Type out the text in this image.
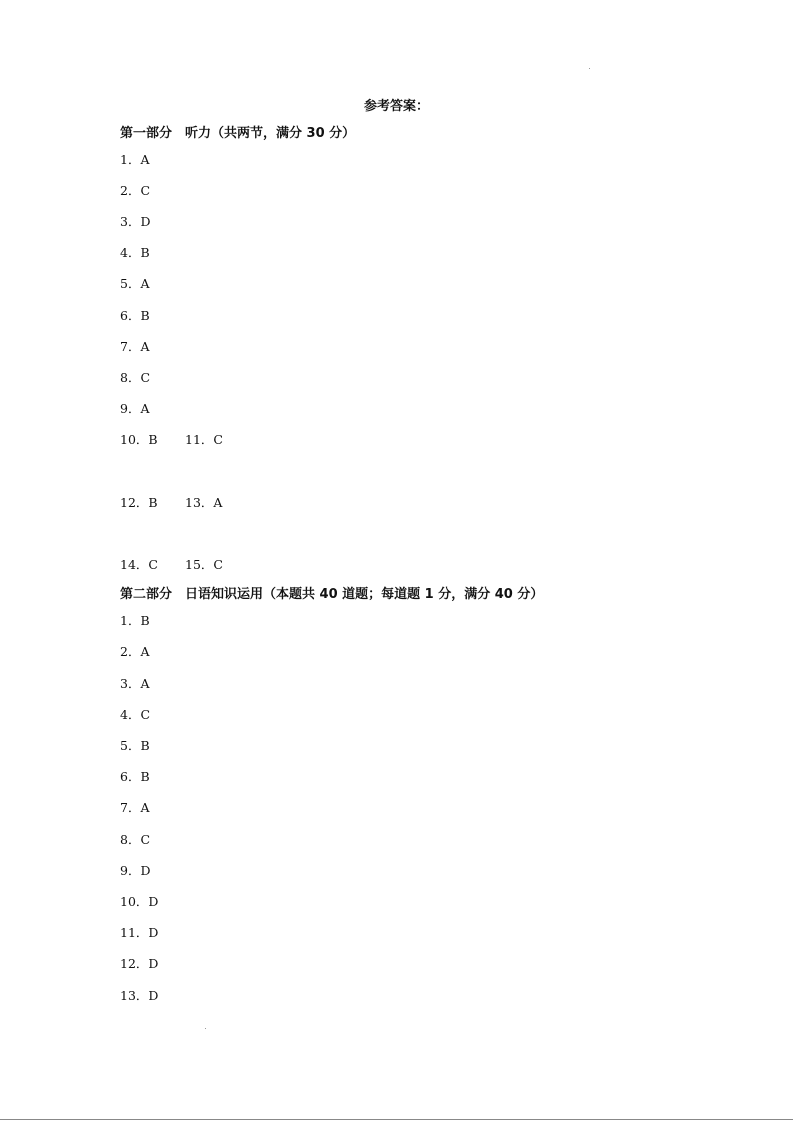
参考答案：
第一部分　听力（共两节，满分 30 分）
1．A
2．C
3．D
4．B
5．A
6．B
7．A
8．C
9．A
10．B 11．C
12．B 13．A
14．C 15．C
第二部分　日语知识运用（本题共 40 道题；每道题 1 分，满分 40 分）
1．B
2．A
3．A
4．C
5．B
6．B
7．A
8．C
9．D
10．D
11．D
12．D
13．D
